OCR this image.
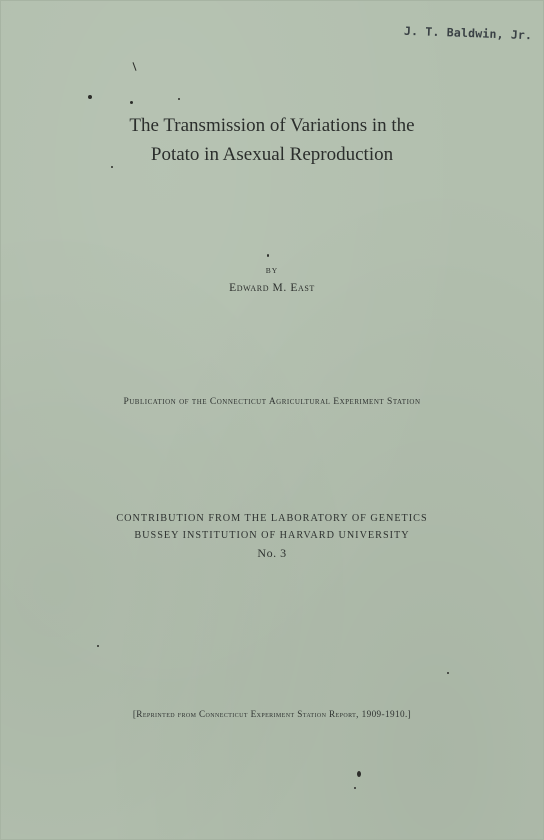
J. T. Baldwin, Jr.
The Transmission of Variations in the
Potato in Asexual Reproduction
BY
Edward M. East
Publication of the Connecticut Agricultural Experiment Station
CONTRIBUTION FROM THE LABORATORY OF GENETICS
BUSSEY INSTITUTION OF HARVARD UNIVERSITY
No. 3
[Reprinted from Connecticut Experiment Station Report, 1909-1910.]
